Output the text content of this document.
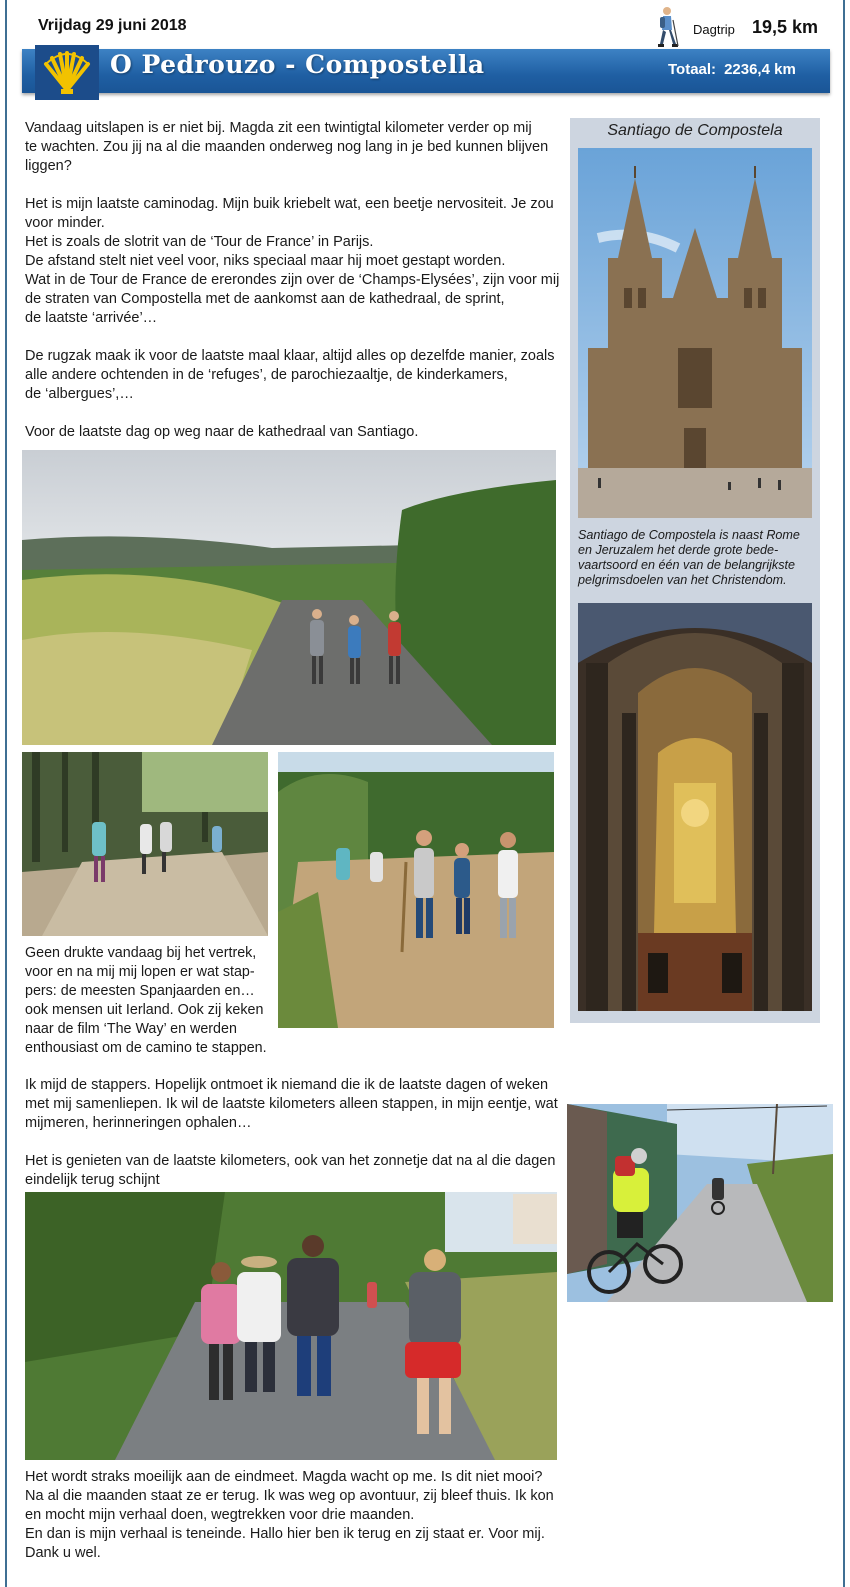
Vrijdag 29 juni 2018	Dagtrip 19,5 km
O Pedrouzo - Compostella	Totaal: 2236,4 km

Vandaag uitslapen is er niet bij. Magda zit een twintigtal kilometer verder op mij

te wachten. Zou jij na al die maanden onderweg nog lang in je bed kunnen blijven

liggen?

Het is mijn laatste caminodag. Mijn buik kriebelt wat, een beetje nervositeit. Je zou

voor minder.

Het is zoals de slotrit van de ‘Tour de France’ in Parijs.

De afstand stelt niet veel voor, niks speciaal maar hij moet gestapt worden.

Wat in de Tour de France de ererondes zijn over de ‘Champs-Elysées’, zijn voor mij

de straten van Compostella met de aankomst aan de kathedraal, de sprint,

de laatste ‘arrivée’…

De rugzak maak ik voor de laatste maal klaar, altijd alles op dezelfde manier, zoals

alle andere ochtenden in de ‘refuges’, de parochiezaaltje, de kinderkamers,

de ‘albergues’,…

Voor de laatste dag op weg naar de kathedraal van Santiago.

Geen drukte vandaag bij het vertrek,

voor en na mij mij lopen er wat stap-

pers: de meesten Spanjaarden en…

ook mensen uit Ierland. Ook zij keken

naar de film ‘The Way’ en werden

enthousiast om de camino te stappen.

Ik mijd de stappers. Hopelijk ontmoet ik niemand die ik de laatste dagen of weken

met mij samenliepen. Ik wil de laatste kilometers alleen stappen, in mijn eentje, wat

mijmeren, herinneringen ophalen…

Het is genieten van de laatste kilometers, ook van het zonnetje dat na al die dagen

eindelijk terug schijnt

Het wordt straks moeilijk aan de eindmeet. Magda wacht op me. Is dit niet mooi?

Na al die maanden staat ze er terug. Ik was weg op avontuur, zij bleef thuis. Ik kon

en mocht mijn verhaal doen, wegtrekken voor drie maanden.

En dan is mijn verhaal is teneinde. Hallo hier ben ik terug en zij staat er. Voor mij.

Dank u wel.

Santiago de Compostela

Santiago de Compostela is naast Rome

en Jeruzalem het derde grote bede-

vaartsoord en één van de belangrijkste

pelgrimsdoelen van het Christendom.
